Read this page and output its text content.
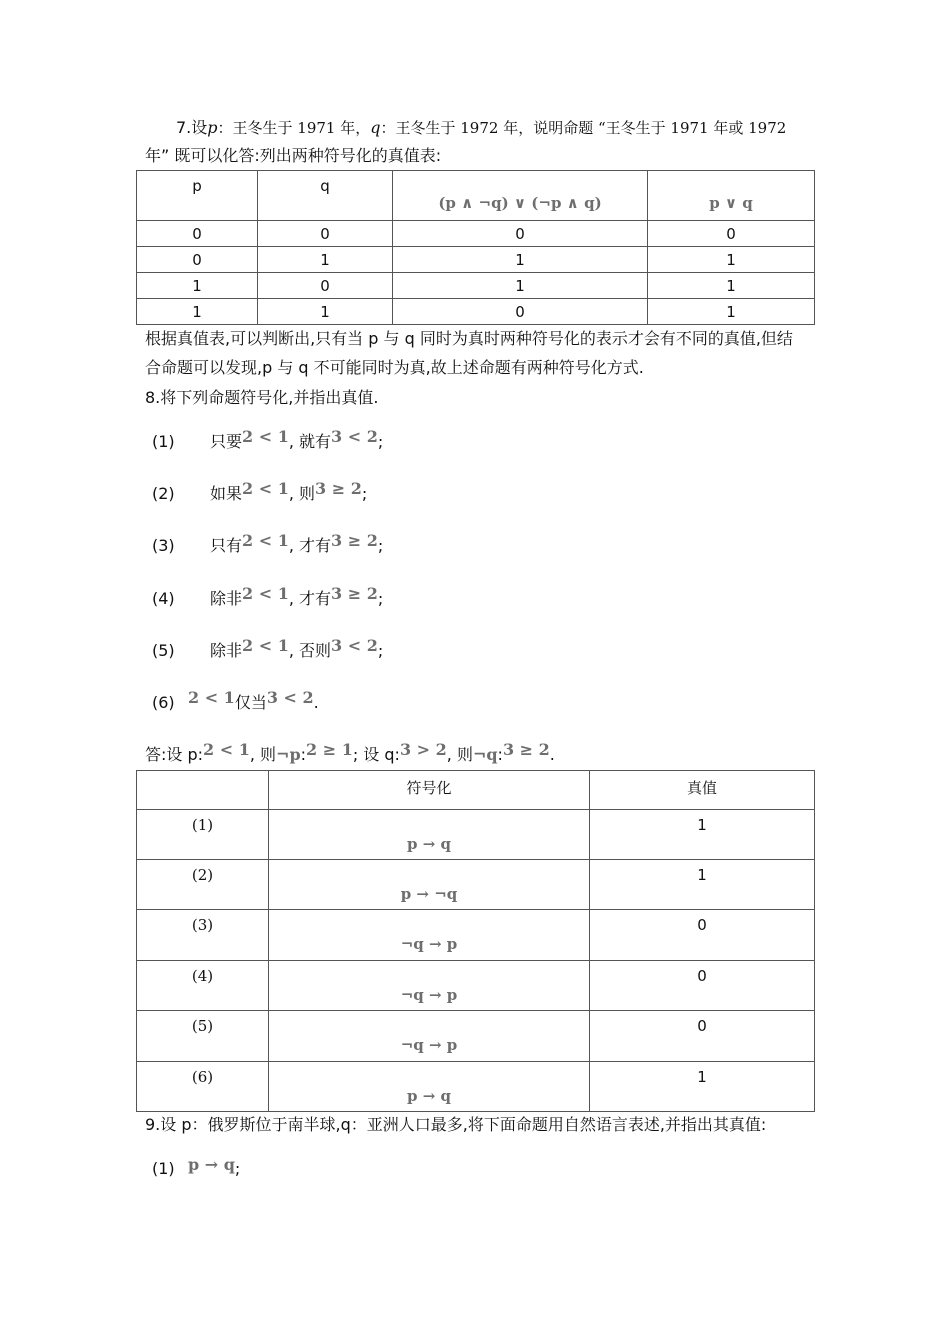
7.设p：王冬生于 1971 年，q：王冬生于 1972 年，说明命题 “王冬生于 1971 年或 1972
年” 既可以化答:列出两种符号化的真值表:
p	q	(p ∧ ¬q) ∨ (¬p ∧ q)	p ∨ q
0	0	0	0
0	1	1	1
1	0	1	1
1	1	0	1
根据真值表,可以判断出,只有当 p 与 q 同时为真时两种符号化的表示才会有不同的真值,但结
合命题可以发现,p 与 q 不可能同时为真,故上述命题有两种符号化方式.
8.将下列命题符号化,并指出真值.
(1) 只要2 < 1, 就有3 < 2;
(2) 如果2 < 1, 则3 ≥ 2;
(3) 只有2 < 1, 才有3 ≥ 2;
(4) 除非2 < 1, 才有3 ≥ 2;
(5) 除非2 < 1, 否则3 < 2;
(6) 2 < 1仅当3 < 2.
答:设 p:2 < 1, 则¬p:2 ≥ 1; 设 q:3 > 2, 则¬q:3 ≥ 2.
	符号化	真值
(1)	p → q	1
(2)	p → ¬q	1
(3)	¬q → p	0
(4)	¬q → p	0
(5)	¬q → p	0
(6)	p → q	1
9.设 p：俄罗斯位于南半球,q：亚洲人口最多,将下面命题用自然语言表述,并指出其真值:
(1) p → q;
